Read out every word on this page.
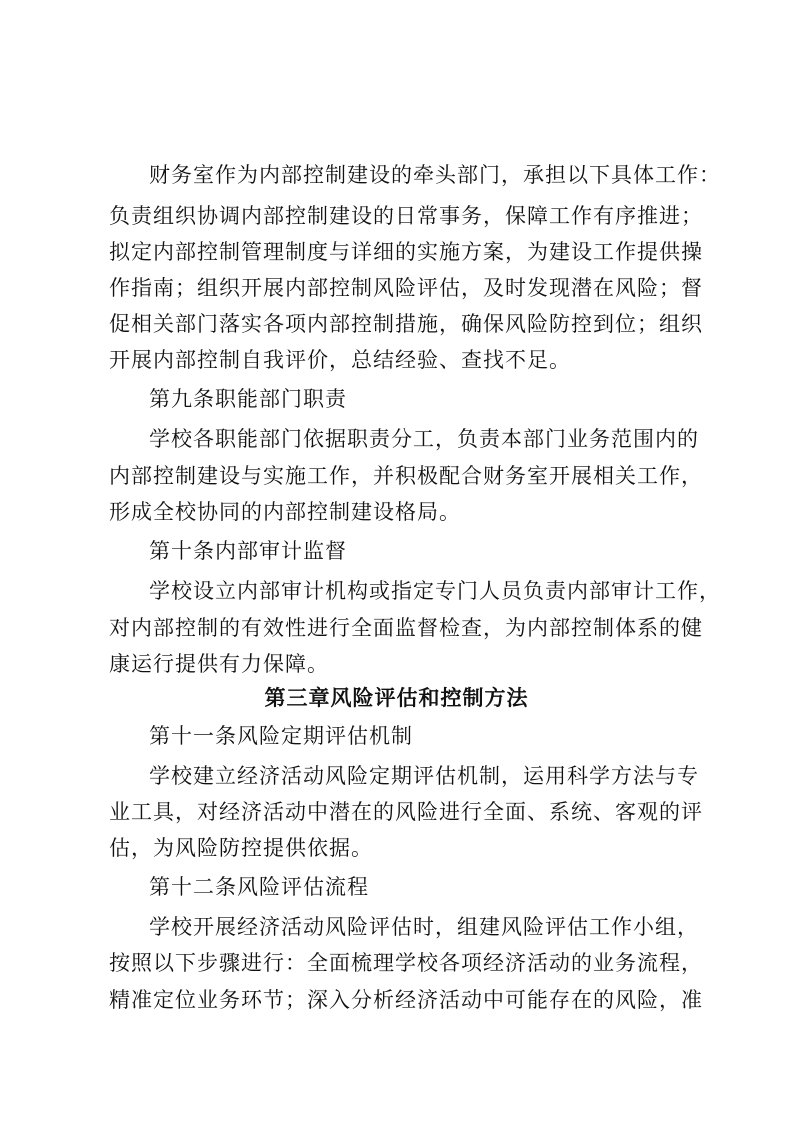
财务室作为内部控制建设的牵头部门，承担以下具体工作：
负责组织协调内部控制建设的日常事务，保障工作有序推进；
拟定内部控制管理制度与详细的实施方案，为建设工作提供操
作指南；组织开展内部控制风险评估，及时发现潜在风险；督
促相关部门落实各项内部控制措施，确保风险防控到位；组织
开展内部控制自我评价，总结经验、查找不足。
第九条职能部门职责
学校各职能部门依据职责分工，负责本部门业务范围内的
内部控制建设与实施工作，并积极配合财务室开展相关工作，
形成全校协同的内部控制建设格局。
第十条内部审计监督
学校设立内部审计机构或指定专门人员负责内部审计工作，
对内部控制的有效性进行全面监督检查，为内部控制体系的健
康运行提供有力保障。
第三章风险评估和控制方法
第十一条风险定期评估机制
学校建立经济活动风险定期评估机制，运用科学方法与专
业工具，对经济活动中潜在的风险进行全面、系统、客观的评
估，为风险防控提供依据。
第十二条风险评估流程
学校开展经济活动风险评估时，组建风险评估工作小组，
按照以下步骤进行：全面梳理学校各项经济活动的业务流程，
精准定位业务环节；深入分析经济活动中可能存在的风险，准
